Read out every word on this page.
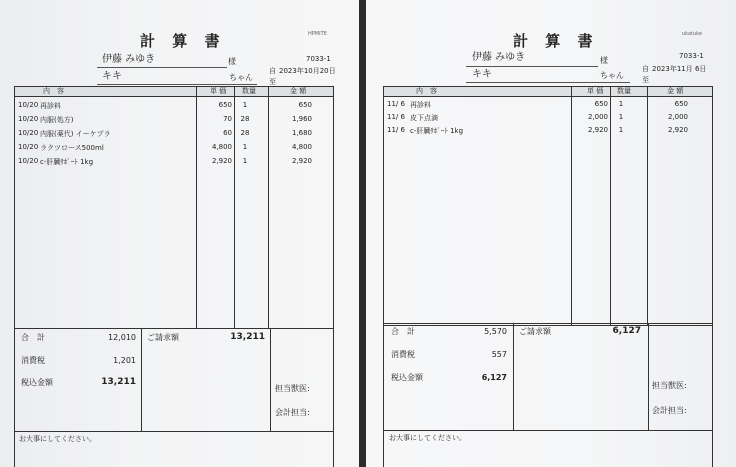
計 算 書	HPMITE
伊藤 みゆき	様	7033-1
キキ	ちゃん
自 2023年10月20日
至
内　容	単 価 数量	金 額
10/20 再診料	650	1	650
10/20 内服(処方)	70	28	1,960
10/20 内服(薬代) イーケプラ	60	28	1,680
10/20 ラクツロース500ml	4,800	1	4,800
10/20 c-肝臓ｻﾎﾟｰﾄ 1kg	2,920	1	2,920
合　計	12,010
消費税	1,201
税込金額	13,211
ご請求額	13,211
担当獣医:
会計担当:
お大事にしてください。
計 算 書	ukatuke
伊藤 みゆき	様	7033-1
キキ	ちゃん
自 2023年11月 6日
至
内　容	単 価 数量	金 額
11/ 6 再診料	650	1	650
11/ 6 皮下点滴	2,000	1	2,000
11/ 6 c-肝臓ｻﾎﾟｰﾄ 1kg	2,920	1	2,920
合　計	5,570
消費税	557
税込金額	6,127
ご請求額	6,127
担当獣医:
会計担当:
お大事にしてください。
